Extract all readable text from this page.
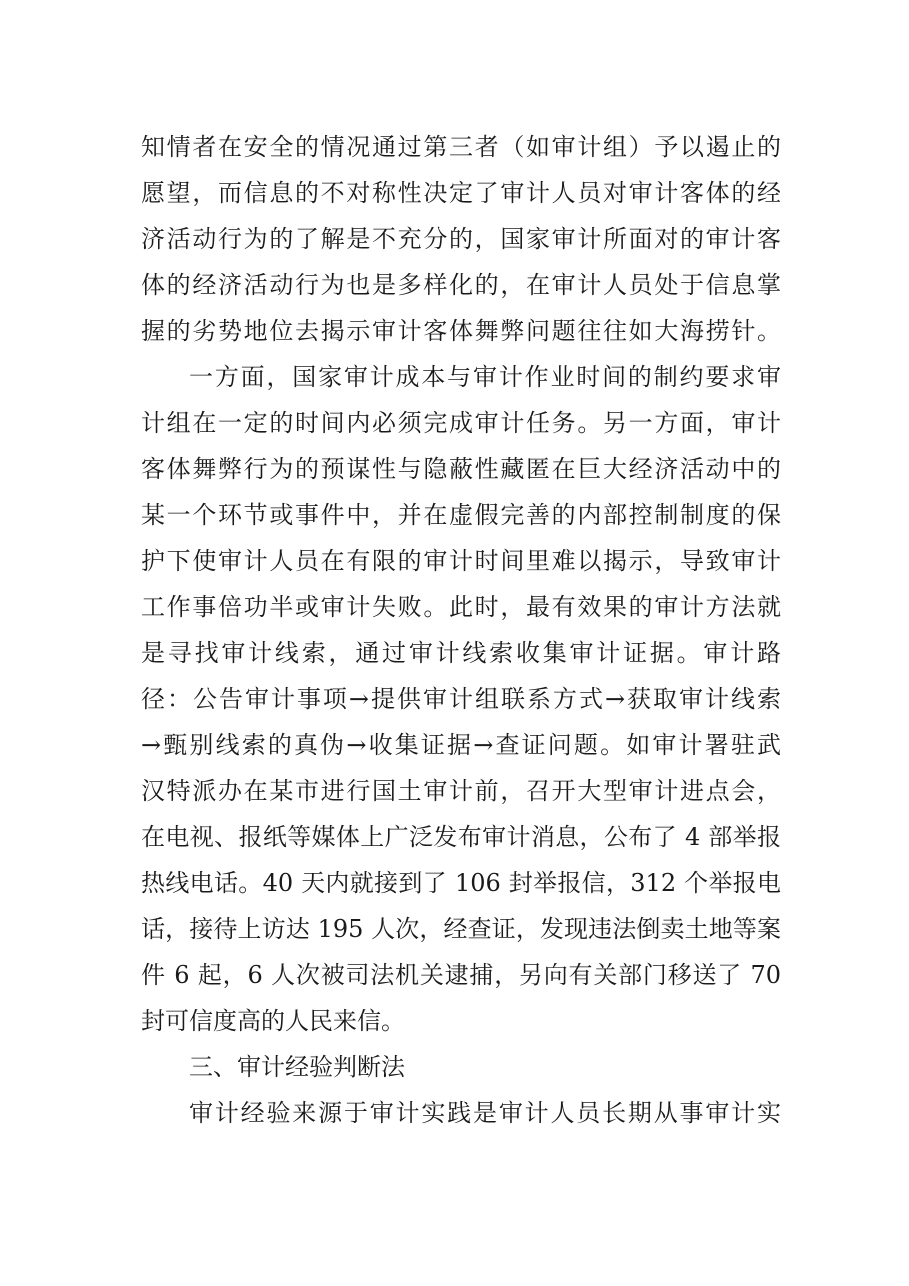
知情者在安全的情况通过第三者（如审计组）予以遏止的
愿望，而信息的不对称性决定了审计人员对审计客体的经
济活动行为的了解是不充分的，国家审计所面对的审计客
体的经济活动行为也是多样化的，在审计人员处于信息掌
握的劣势地位去揭示审计客体舞弊问题往往如大海捞针。
一方面，国家审计成本与审计作业时间的制约要求审
计组在一定的时间内必须完成审计任务。另一方面，审计
客体舞弊行为的预谋性与隐蔽性藏匿在巨大经济活动中的
某一个环节或事件中，并在虚假完善的内部控制制度的保
护下使审计人员在有限的审计时间里难以揭示，导致审计
工作事倍功半或审计失败。此时，最有效果的审计方法就
是寻找审计线索，通过审计线索收集审计证据。审计路
径：公告审计事项→提供审计组联系方式→获取审计线索
→甄别线索的真伪→收集证据→查证问题。如审计署驻武
汉特派办在某市进行国土审计前，召开大型审计进点会，
在电视、报纸等媒体上广泛发布审计消息，公布了 4 部举报
热线电话。40 天内就接到了 106 封举报信，312 个举报电
话，接待上访达 195 人次，经查证，发现违法倒卖土地等案
件 6 起，6 人次被司法机关逮捕，另向有关部门移送了 70
封可信度高的人民来信。
三、审计经验判断法
审计经验来源于审计实践是审计人员长期从事审计实
